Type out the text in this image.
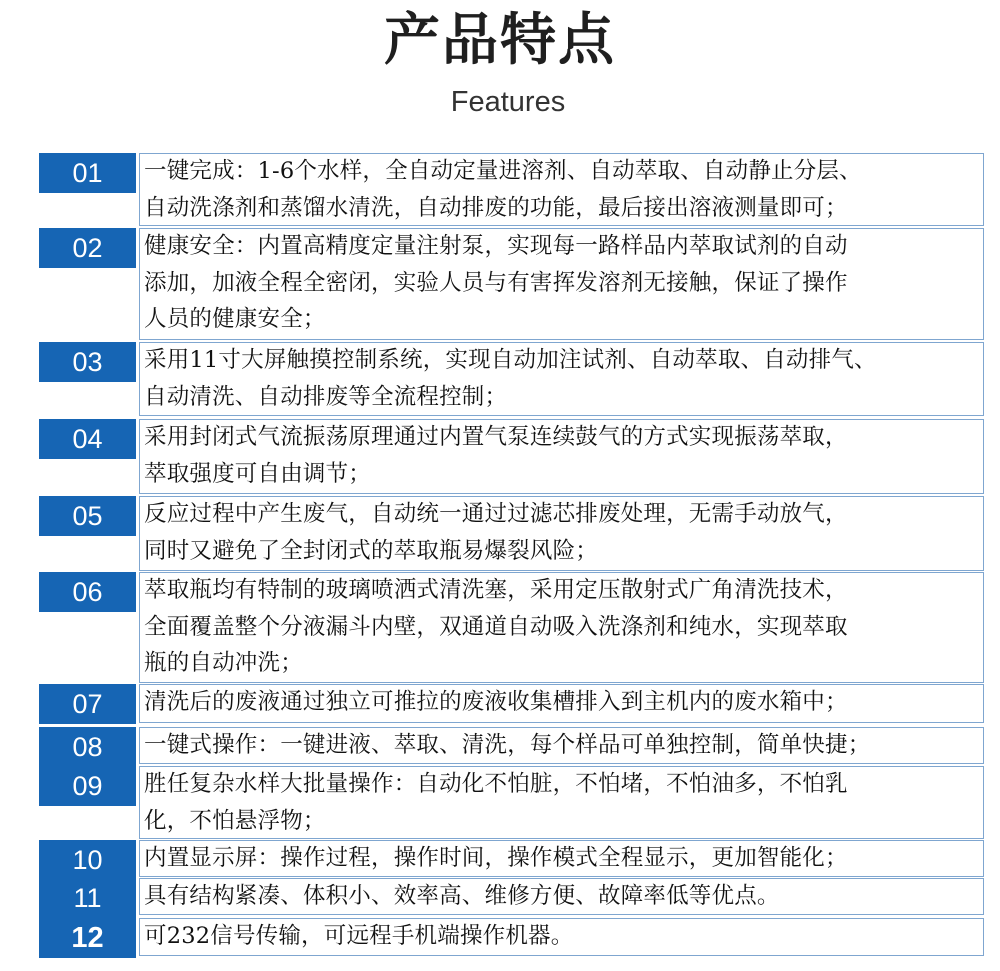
产品特点
Features
01	一键完成：1-6个水样，全自动定量进溶剂、自动萃取、自动静止分层、
自动洗涤剂和蒸馏水清洗，自动排废的功能，最后接出溶液测量即可；
02	健康安全：内置高精度定量注射泵，实现每一路样品内萃取试剂的自动
添加，加液全程全密闭，实验人员与有害挥发溶剂无接触，保证了操作
人员的健康安全；
03	采用11寸大屏触摸控制系统，实现自动加注试剂、自动萃取、自动排气、
自动清洗、自动排废等全流程控制；
04	采用封闭式气流振荡原理通过内置气泵连续鼓气的方式实现振荡萃取，
萃取强度可自由调节；
05	反应过程中产生废气，自动统一通过过滤芯排废处理，无需手动放气，
同时又避免了全封闭式的萃取瓶易爆裂风险；
06	萃取瓶均有特制的玻璃喷洒式清洗塞，采用定压散射式广角清洗技术，
全面覆盖整个分液漏斗内壁，双通道自动吸入洗涤剂和纯水，实现萃取
瓶的自动冲洗；
07	清洗后的废液通过独立可推拉的废液收集槽排入到主机内的废水箱中；
08	一键式操作：一键进液、萃取、清洗，每个样品可单独控制，简单快捷；
09	胜任复杂水样大批量操作：自动化不怕脏，不怕堵，不怕油多，不怕乳
化，不怕悬浮物；
10	内置显示屏：操作过程，操作时间，操作模式全程显示，更加智能化；
11	具有结构紧凑、体积小、效率高、维修方便、故障率低等优点。
12	可232信号传输，可远程手机端操作机器。
